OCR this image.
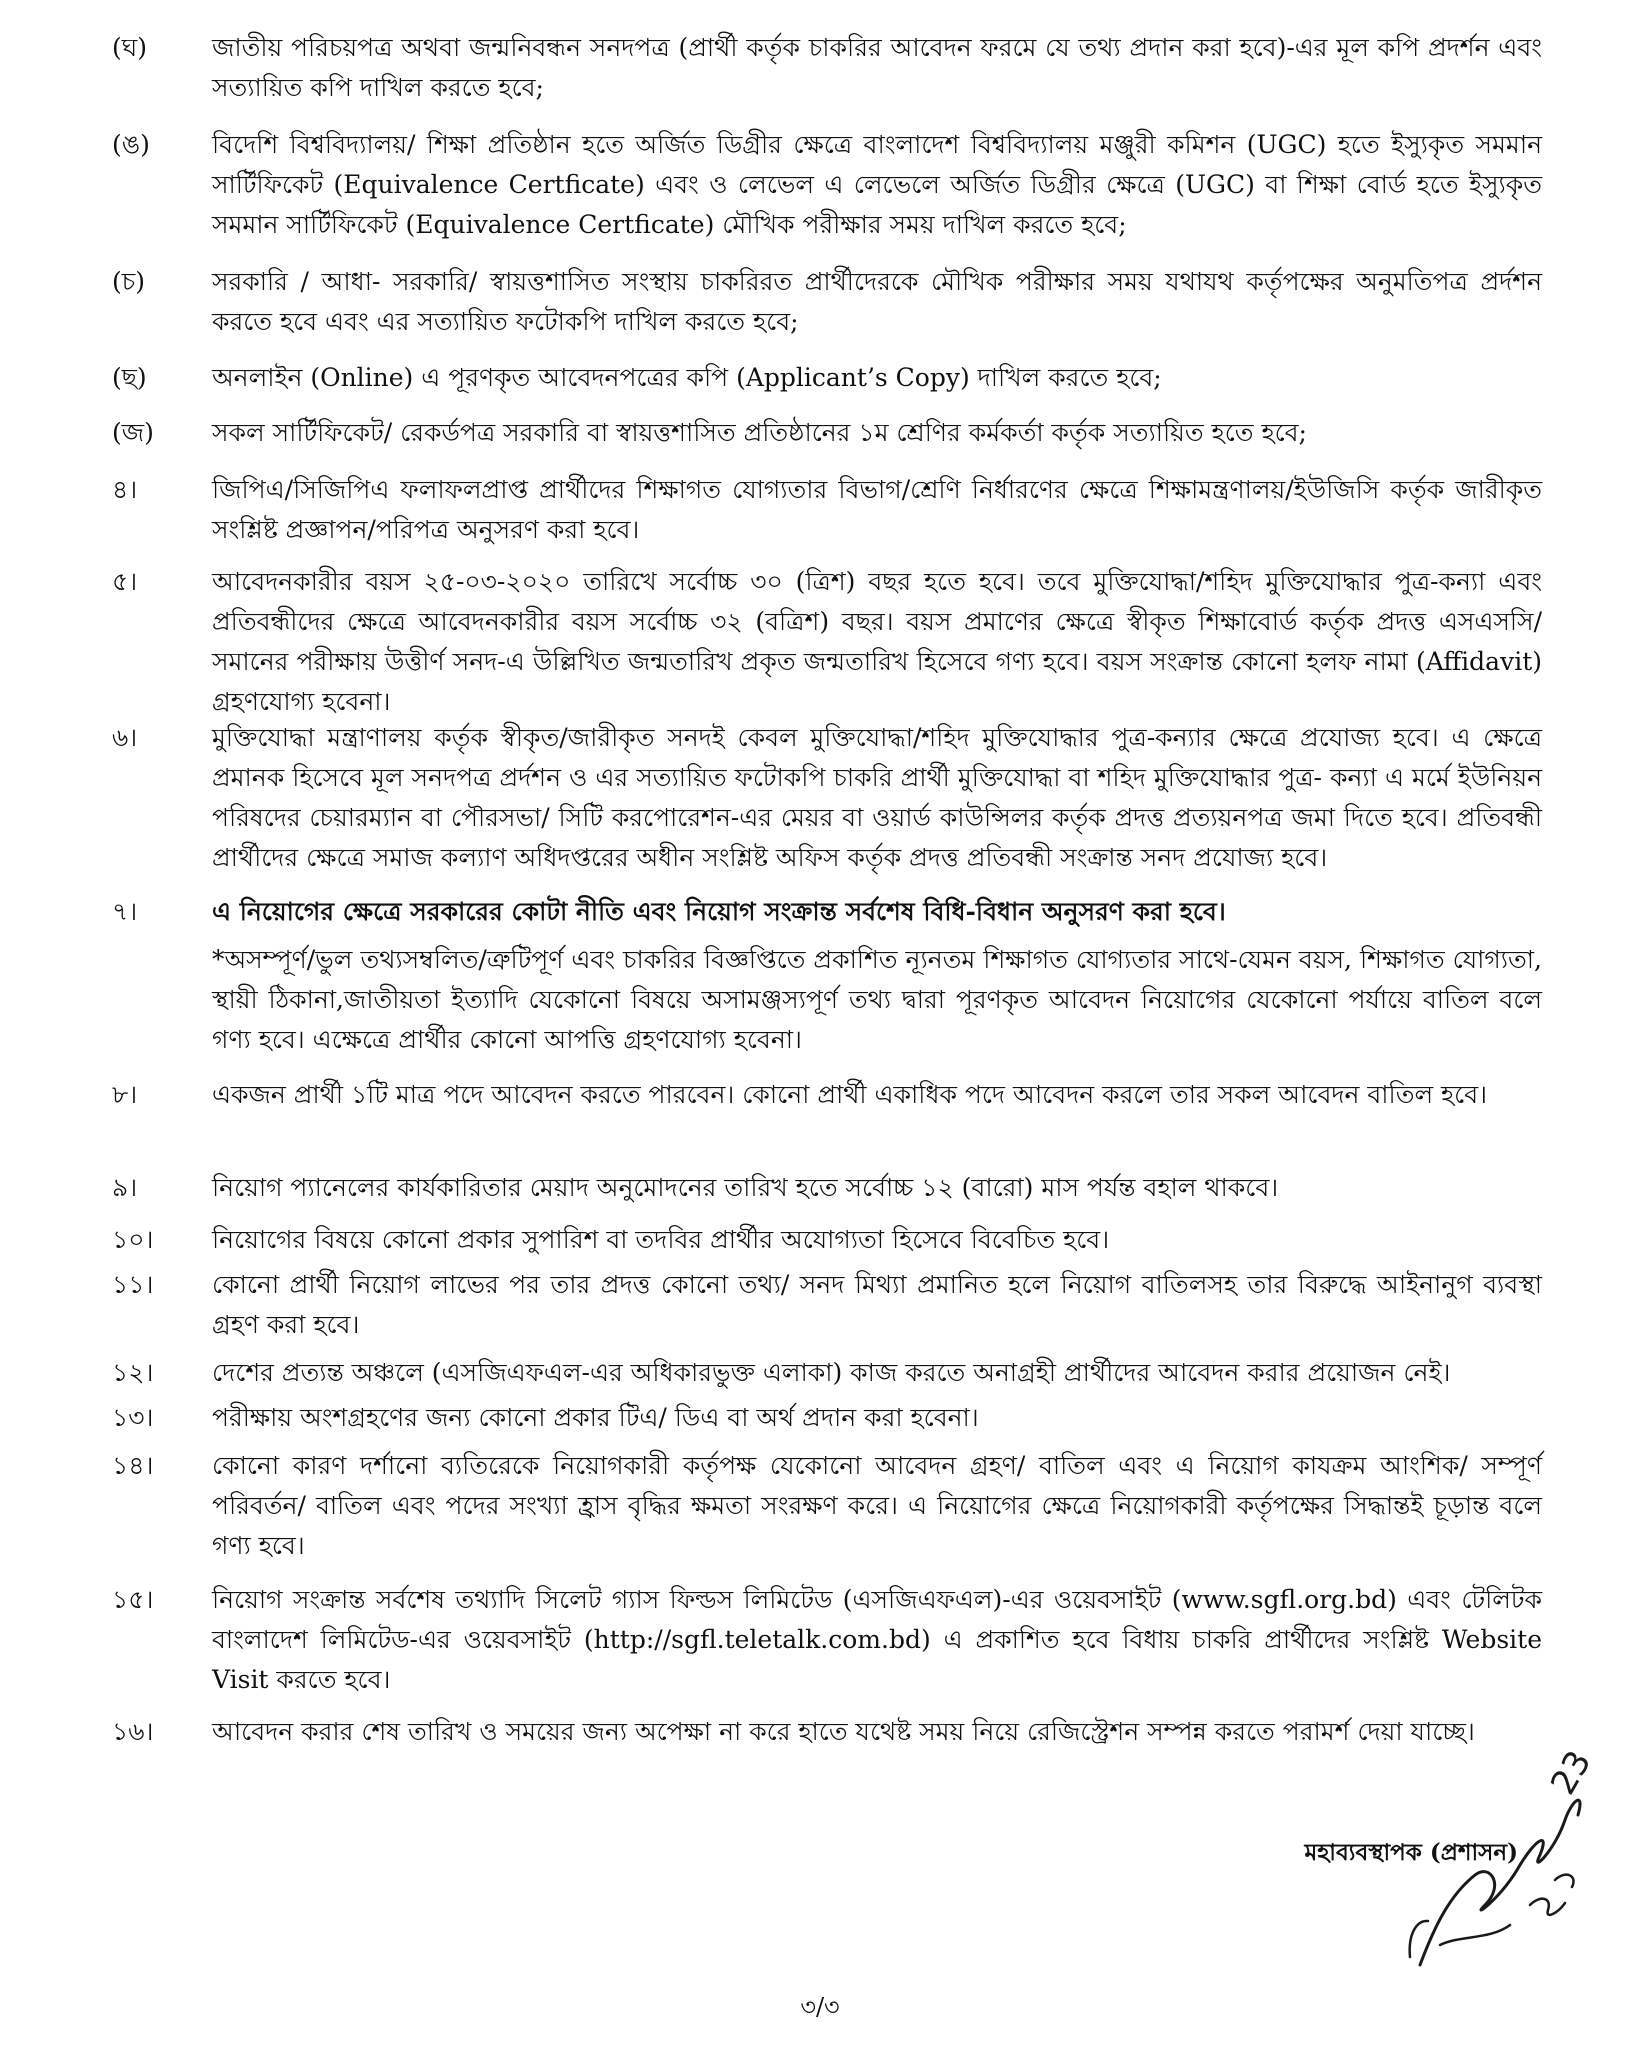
(ঘ)	জাতীয় পরিচয়পত্র অথবা জন্মনিবন্ধন সনদপত্র (প্রার্থী কর্তৃক চাকরির আবেদন ফরমে যে তথ্য প্রদান করা হবে)-এর মূল কপি প্রদর্শন এবং সত্যায়িত কপি দাখিল করতে হবে;
(ঙ)	বিদেশি বিশ্ববিদ্যালয়/ শিক্ষা প্রতিষ্ঠান হতে অর্জিত ডিগ্রীর ক্ষেত্রে বাংলাদেশ বিশ্ববিদ্যালয় মঞ্জুরী কমিশন (UGC) হতে ইস্যুকৃত সমমান সার্টিফিকেট (Equivalence Certficate) এবং ও লেভেল এ লেভেলে অর্জিত ডিগ্রীর ক্ষেত্রে (UGC) বা শিক্ষা বোর্ড হতে ইস্যুকৃত সমমান সার্টিফিকেট (Equivalence Certficate) মৌখিক পরীক্ষার সময় দাখিল করতে হবে;
(চ)	সরকারি / আধা- সরকারি/ স্বায়ত্তশাসিত সংস্থায় চাকরিরত প্রার্থীদেরকে মৌখিক পরীক্ষার সময় যথাযথ কর্তৃপক্ষের অনুমতিপত্র প্রর্দশন করতে হবে এবং এর সত্যায়িত ফটোকপি দাখিল করতে হবে;
(ছ)	অনলাইন (Online) এ পূরণকৃত আবেদনপত্রের কপি (Applicant’s Copy) দাখিল করতে হবে;
(জ)	সকল সার্টিফিকেট/ রেকর্ডপত্র সরকারি বা স্বায়ত্তশাসিত প্রতিষ্ঠানের ১ম শ্রেণির কর্মকর্তা কর্তৃক সত্যায়িত হতে হবে;
৪।	জিপিএ/সিজিপিএ ফলাফলপ্রাপ্ত প্রার্থীদের শিক্ষাগত যোগ্যতার বিভাগ/শ্রেণি নির্ধারণের ক্ষেত্রে শিক্ষামন্ত্রণালয়/ইউজিসি কর্তৃক জারীকৃত সংশ্লিষ্ট প্রজ্ঞাপন/পরিপত্র অনুসরণ করা হবে।
৫।	আবেদনকারীর বয়স ২৫-০৩-২০২০ তারিখে সর্বোচ্চ ৩০ (ত্রিশ) বছর হতে হবে। তবে মুক্তিযোদ্ধা/শহিদ মুক্তিযোদ্ধার পুত্র-কন্যা এবং প্রতিবন্ধীদের ক্ষেত্রে আবেদনকারীর বয়স সর্বোচ্চ ৩২ (বত্রিশ) বছর। বয়স প্রমাণের ক্ষেত্রে স্বীকৃত শিক্ষাবোর্ড কর্তৃক প্রদত্ত এসএসসি/সমানের পরীক্ষায় উত্তীর্ণ সনদ-এ উল্লিখিত জন্মতারিখ প্রকৃত জন্মতারিখ হিসেবে গণ্য হবে। বয়স সংক্রান্ত কোনো হলফ নামা (Affidavit) গ্রহণযোগ্য হবেনা।
৬।	মুক্তিযোদ্ধা মন্ত্রাণালয় কর্তৃক স্বীকৃত/জারীকৃত সনদই কেবল মুক্তিযোদ্ধা/শহিদ মুক্তিযোদ্ধার পুত্র-কন্যার ক্ষেত্রে প্রযোজ্য হবে। এ ক্ষেত্রে প্রমানক হিসেবে মূল সনদপত্র প্রর্দশন ও এর সত্যায়িত ফটোকপি চাকরি প্রার্থী মুক্তিযোদ্ধা বা শহিদ মুক্তিযোদ্ধার পুত্র- কন্যা এ মর্মে ইউনিয়ন পরিষদের চেয়ারম্যান বা পৌরসভা/ সিটি করপোরেশন-এর মেয়র বা ওয়ার্ড কাউন্সিলর কর্তৃক প্রদত্ত প্রত্যয়নপত্র জমা দিতে হবে। প্রতিবন্ধী প্রার্থীদের ক্ষেত্রে সমাজ কল্যাণ অধিদপ্তরের অধীন সংশ্লিষ্ট অফিস কর্তৃক প্রদত্ত প্রতিবন্ধী সংক্রান্ত সনদ প্রযোজ্য হবে।
৭।	এ নিয়োগের ক্ষেত্রে সরকারের কোটা নীতি এবং নিয়োগ সংক্রান্ত সর্বশেষ বিধি-বিধান অনুসরণ করা হবে।
*অসম্পূর্ণ/ভুল তথ্যসম্বলিত/ত্রুটিপূর্ণ এবং চাকরির বিজ্ঞপ্তিতে প্রকাশিত ন্যূনতম শিক্ষাগত যোগ্যতার সাথে-যেমন বয়স, শিক্ষাগত যোগ্যতা, স্থায়ী ঠিকানা,জাতীয়তা ইত্যাদি যেকোনো বিষয়ে অসামঞ্জস্যপূর্ণ তথ্য দ্বারা পূরণকৃত আবেদন নিয়োগের যেকোনো পর্যায়ে বাতিল বলে গণ্য হবে। এক্ষেত্রে প্রার্থীর কোনো আপত্তি গ্রহণযোগ্য হবেনা।
৮।	একজন প্রার্থী ১টি মাত্র পদে আবেদন করতে পারবেন। কোনো প্রার্থী একাধিক পদে আবেদন করলে তার সকল আবেদন বাতিল হবে।
৯।	নিয়োগ প্যানেলের কার্যকারিতার মেয়াদ অনুমোদনের তারিখ হতে সর্বোচ্চ ১২ (বারো) মাস পর্যন্ত বহাল থাকবে।
১০।	নিয়োগের বিষয়ে কোনো প্রকার সুপারিশ বা তদবির প্রার্থীর অযোগ্যতা হিসেবে বিবেচিত হবে।
১১।	কোনো প্রার্থী নিয়োগ লাভের পর তার প্রদত্ত কোনো তথ্য/ সনদ মিথ্যা প্রমানিত হলে নিয়োগ বাতিলসহ তার বিরুদ্ধে আইনানুগ ব্যবস্থা গ্রহণ করা হবে।
১২।	দেশের প্রত্যন্ত অঞ্চলে (এসজিএফএল-এর অধিকারভুক্ত এলাকা) কাজ করতে অনাগ্রহী প্রার্থীদের আবেদন করার প্রয়োজন নেই।
১৩।	পরীক্ষায় অংশগ্রহণের জন্য কোনো প্রকার টিএ/ ডিএ বা অর্থ প্রদান করা হবেনা।
১৪।	কোনো কারণ দর্শানো ব্যতিরেকে নিয়োগকারী কর্তৃপক্ষ যেকোনো আবেদন গ্রহণ/ বাতিল এবং এ নিয়োগ কাযক্রম আংশিক/ সম্পূর্ণ পরিবর্তন/ বাতিল এবং পদের সংখ্যা হ্রাস বৃদ্ধির ক্ষমতা সংরক্ষণ করে। এ নিয়োগের ক্ষেত্রে নিয়োগকারী কর্তৃপক্ষের সিদ্ধান্তই চূড়ান্ত বলে গণ্য হবে।
১৫।	নিয়োগ সংক্রান্ত সর্বশেষ তথ্যাদি সিলেট গ্যাস ফিল্ডস লিমিটেড (এসজিএফএল)-এর ওয়েবসাইট (www.sgfl.org.bd) এবং টেলিটক বাংলাদেশ লিমিটেড-এর ওয়েবসাইট (http://sgfl.teletalk.com.bd) এ প্রকাশিত হবে বিধায় চাকরি প্রার্থীদের সংশ্লিষ্ট Website Visit করতে হবে।
১৬।	আবেদন করার শেষ তারিখ ও সময়ের জন্য অপেক্ষা না করে হাতে যথেষ্ট সময় নিয়ে রেজিস্ট্রেশন সম্পন্ন করতে পরামর্শ দেয়া যাচ্ছে।
23
মহাব্যবস্থাপক (প্রশাসন)
৩/৩
